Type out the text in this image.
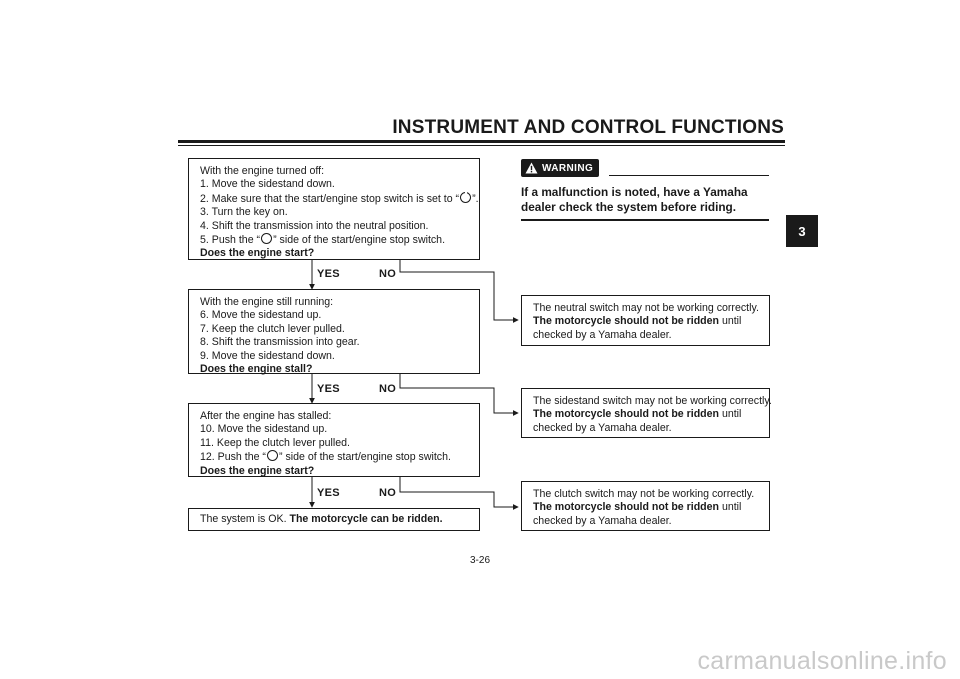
INSTRUMENT AND CONTROL FUNCTIONS
3
With the engine turned off:
1. Move the sidestand down.
2. Make sure that the start/engine stop switch is set to “ ”.
3. Turn the key on.
4. Shift the transmission into the neutral position.
5. Push the “ ” side of the start/engine stop switch.
Does the engine start?
YES	NO
With the engine still running:
6. Move the sidestand up.
7. Keep the clutch lever pulled.
8. Shift the transmission into gear.
9. Move the sidestand down.
Does the engine stall?
YES	NO
After the engine has stalled:
10. Move the sidestand up.
11. Keep the clutch lever pulled.
12. Push the “ ” side of the start/engine stop switch.
Does the engine start?
YES	NO
The system is OK. The motorcycle can be ridden.
WARNING
If a malfunction is noted, have a Yamaha dealer check the system before riding.
The neutral switch may not be working correctly.
The motorcycle should not be ridden until
checked by a Yamaha dealer.
The sidestand switch may not be working correctly.
The motorcycle should not be ridden until
checked by a Yamaha dealer.
The clutch switch may not be working correctly.
The motorcycle should not be ridden until
checked by a Yamaha dealer.
3-26
carmanualsonline.info
